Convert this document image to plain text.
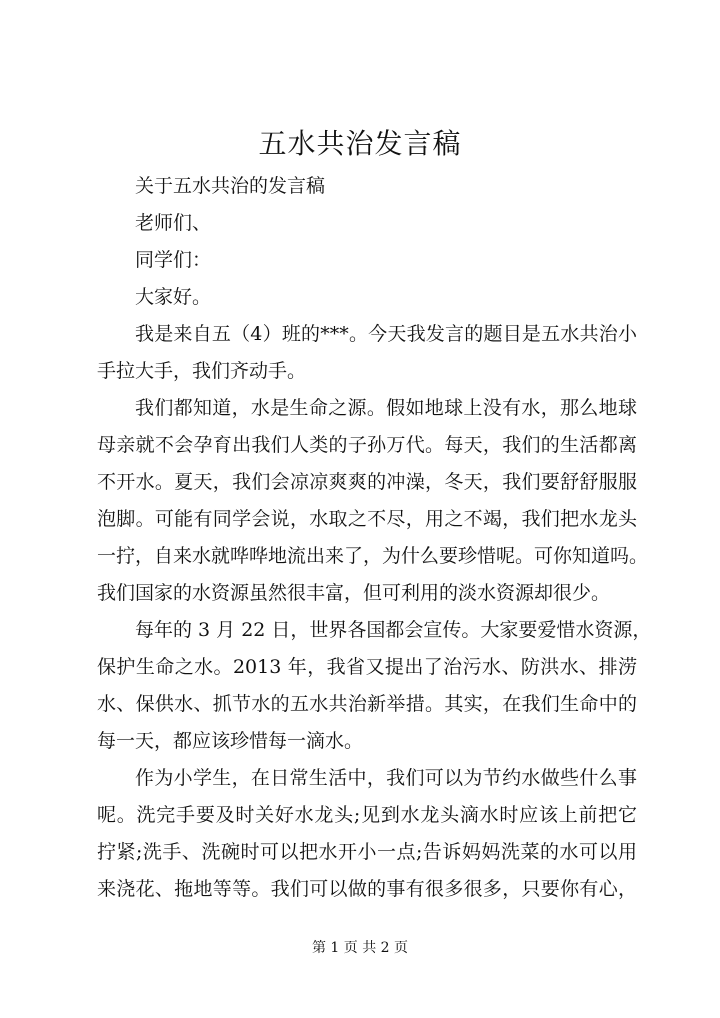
五水共治发言稿
关于五水共治的发言稿
老师们、
同学们：
大家好。
我是来自五（4）班的***。今天我发言的题目是五水共治小
手拉大手，我们齐动手。
我们都知道，水是生命之源。假如地球上没有水，那么地球
母亲就不会孕育出我们人类的子孙万代。每天，我们的生活都离
不开水。夏天，我们会凉凉爽爽的冲澡，冬天，我们要舒舒服服
泡脚。可能有同学会说，水取之不尽，用之不竭，我们把水龙头
一拧，自来水就哗哗地流出来了，为什么要珍惜呢。可你知道吗。
我们国家的水资源虽然很丰富，但可利用的淡水资源却很少。
每年的 3 月 22 日，世界各国都会宣传。大家要爱惜水资源，
保护生命之水。2013 年，我省又提出了治污水、防洪水、排涝
水、保供水、抓节水的五水共治新举措。其实，在我们生命中的
每一天，都应该珍惜每一滴水。
作为小学生，在日常生活中，我们可以为节约水做些什么事
呢。洗完手要及时关好水龙头;见到水龙头滴水时应该上前把它
拧紧;洗手、洗碗时可以把水开小一点;告诉妈妈洗菜的水可以用
来浇花、拖地等等。我们可以做的事有很多很多，只要你有心，
第 1 页 共 2 页
